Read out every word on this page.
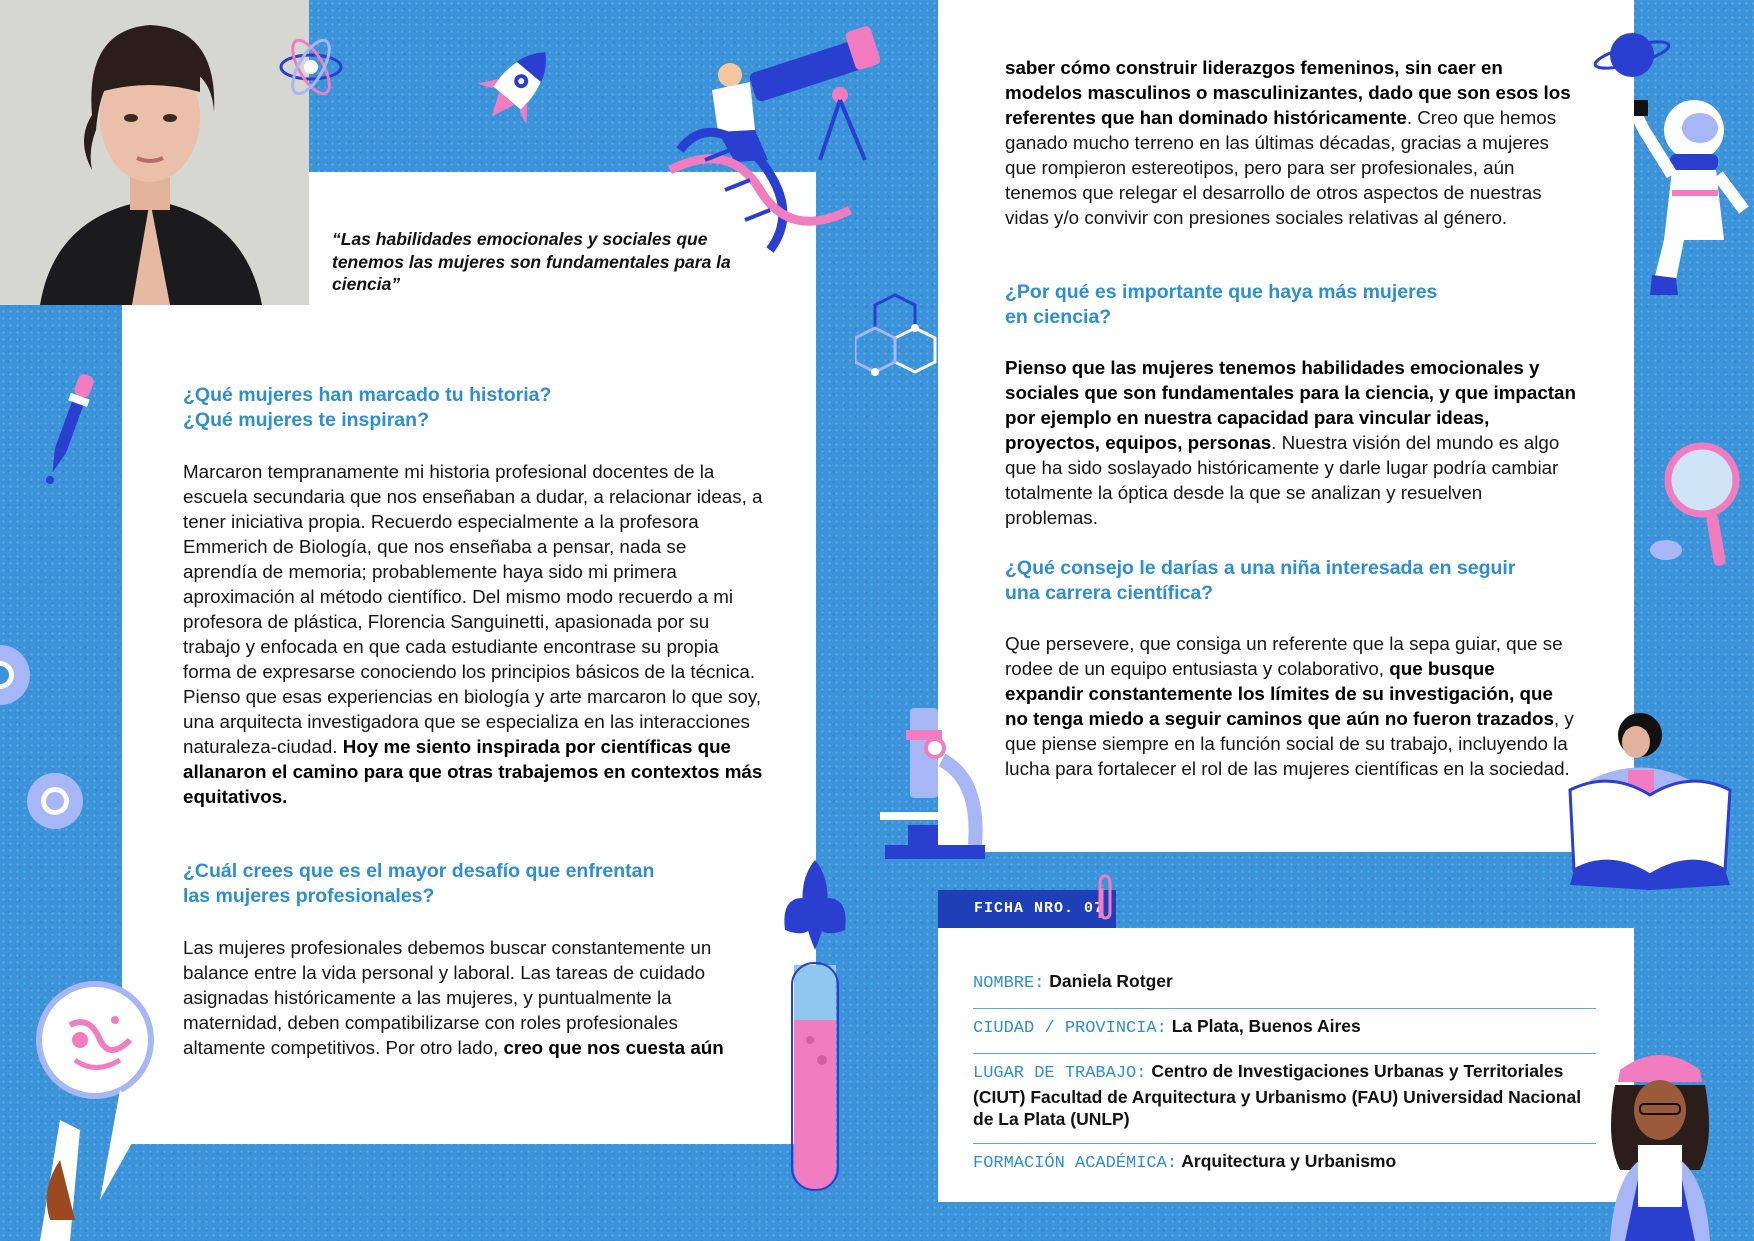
“Las habilidades emocionales y sociales que tenemos las mujeres son fundamentales para la ciencia”
¿Qué mujeres han marcado tu historia?
¿Qué mujeres te inspiran?
Marcaron tempranamente mi historia profesional docentes de la escuela secundaria que nos enseñaban a dudar, a relacionar ideas, a tener iniciativa propia. Recuerdo especialmente a la profesora Emmerich de Biología, que nos enseñaba a pensar, nada se aprendía de memoria; probablemente haya sido mi primera aproximación al método científico. Del mismo modo recuerdo a mi profesora de plástica, Florencia Sanguinetti, apasionada por su trabajo y enfocada en que cada estudiante encontrase su propia forma de expresarse conociendo los principios básicos de la técnica. Pienso que esas experiencias en biología y arte marcaron lo que soy, una arquitecta investigadora que se especializa en las interacciones naturaleza-ciudad. Hoy me siento inspirada por científicas que allanaron el camino para que otras trabajemos en contextos más equitativos.
¿Cuál crees que es el mayor desafío que enfrentan
las mujeres profesionales?
Las mujeres profesionales debemos buscar constantemente un balance entre la vida personal y laboral. Las tareas de cuidado asignadas históricamente a las mujeres, y puntualmente la maternidad, deben compatibilizarse con roles profesionales altamente competitivos. Por otro lado, creo que nos cuesta aún
saber cómo construir liderazgos femeninos, sin caer en modelos masculinos o masculinizantes, dado que son esos los referentes que han dominado históricamente. Creo que hemos ganado mucho terreno en las últimas décadas, gracias a mujeres que rompieron estereotipos, pero para ser profesionales, aún tenemos que relegar el desarrollo de otros aspectos de nuestras vidas y/o convivir con presiones sociales relativas al género.
¿Por qué es importante que haya más mujeres
en ciencia?
Pienso que las mujeres tenemos habilidades emocionales y sociales que son fundamentales para la ciencia, y que impactan por ejemplo en nuestra capacidad para vincular ideas, proyectos, equipos, personas. Nuestra visión del mundo es algo que ha sido soslayado históricamente y darle lugar podría cambiar totalmente la óptica desde la que se analizan y resuelven problemas.
¿Qué consejo le darías a una niña interesada en seguir
una carrera científica?
Que persevere, que consiga un referente que la sepa guiar, que se rodee de un equipo entusiasta y colaborativo, que busque expandir constantemente los límites de su investigación, que no tenga miedo a seguir caminos que aún no fueron trazados, y que piense siempre en la función social de su trabajo, incluyendo la lucha para fortalecer el rol de las mujeres científicas en la sociedad.
FICHA NRO. 07
NOMBRE: Daniela Rotger
CIUDAD / PROVINCIA: La Plata, Buenos Aires
LUGAR DE TRABAJO: Centro de Investigaciones Urbanas y Territoriales (CIUT) Facultad de Arquitectura y Urbanismo (FAU) Universidad Nacional de La Plata (UNLP)
FORMACIÓN ACADÉMICA: Arquitectura y Urbanismo
